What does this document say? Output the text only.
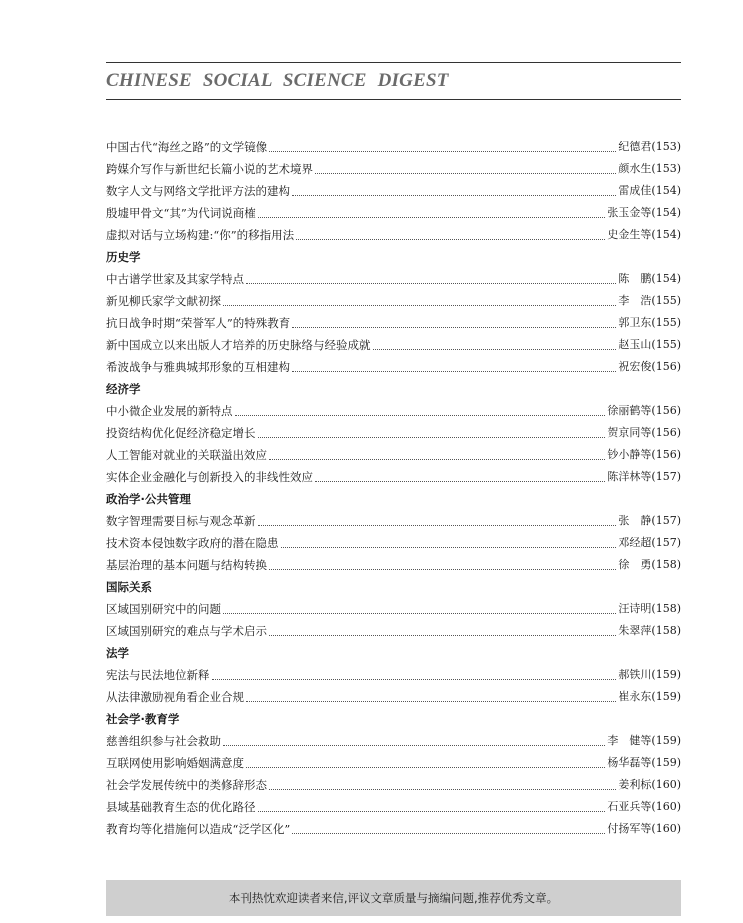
CHINESE SOCIAL SCIENCE DIGEST
中国古代“海丝之路”的文学镜像	纪德君(153)
跨媒介写作与新世纪长篇小说的艺术境界	颜水生(153)
数字人文与网络文学批评方法的建构	雷成佳(154)
殷墟甲骨文“其”为代词说商榷	张玉金等(154)
虚拟对话与立场构建:“你”的移指用法	史金生等(154)
历史学
中古谱学世家及其家学特点	陈　鹏(154)
新见柳氏家学文献初探	李　浩(155)
抗日战争时期“荣誉军人”的特殊教育	郭卫东(155)
新中国成立以来出版人才培养的历史脉络与经验成就	赵玉山(155)
希波战争与雅典城邦形象的互相建构	祝宏俊(156)
经济学
中小微企业发展的新特点	徐丽鹤等(156)
投资结构优化促经济稳定增长	贺京同等(156)
人工智能对就业的关联溢出效应	钞小静等(156)
实体企业金融化与创新投入的非线性效应	陈洋林等(157)
政治学·公共管理
数字智理需要目标与观念革新	张　静(157)
技术资本侵蚀数字政府的潜在隐患	邓经超(157)
基层治理的基本问题与结构转换	徐　勇(158)
国际关系
区域国别研究中的问题	汪诗明(158)
区域国别研究的难点与学术启示	朱翠萍(158)
法学
宪法与民法地位新释	郝铁川(159)
从法律激励视角看企业合规	崔永东(159)
社会学·教育学
慈善组织参与社会救助	李　健等(159)
互联网使用影响婚姻满意度	杨华磊等(159)
社会学发展传统中的类修辞形态	姜利标(160)
县域基础教育生态的优化路径	石亚兵等(160)
教育均等化措施何以造成“泛学区化”	付扬军等(160)
本刊热忱欢迎读者来信,评议文章质量与摘编问题,推荐优秀文章。
